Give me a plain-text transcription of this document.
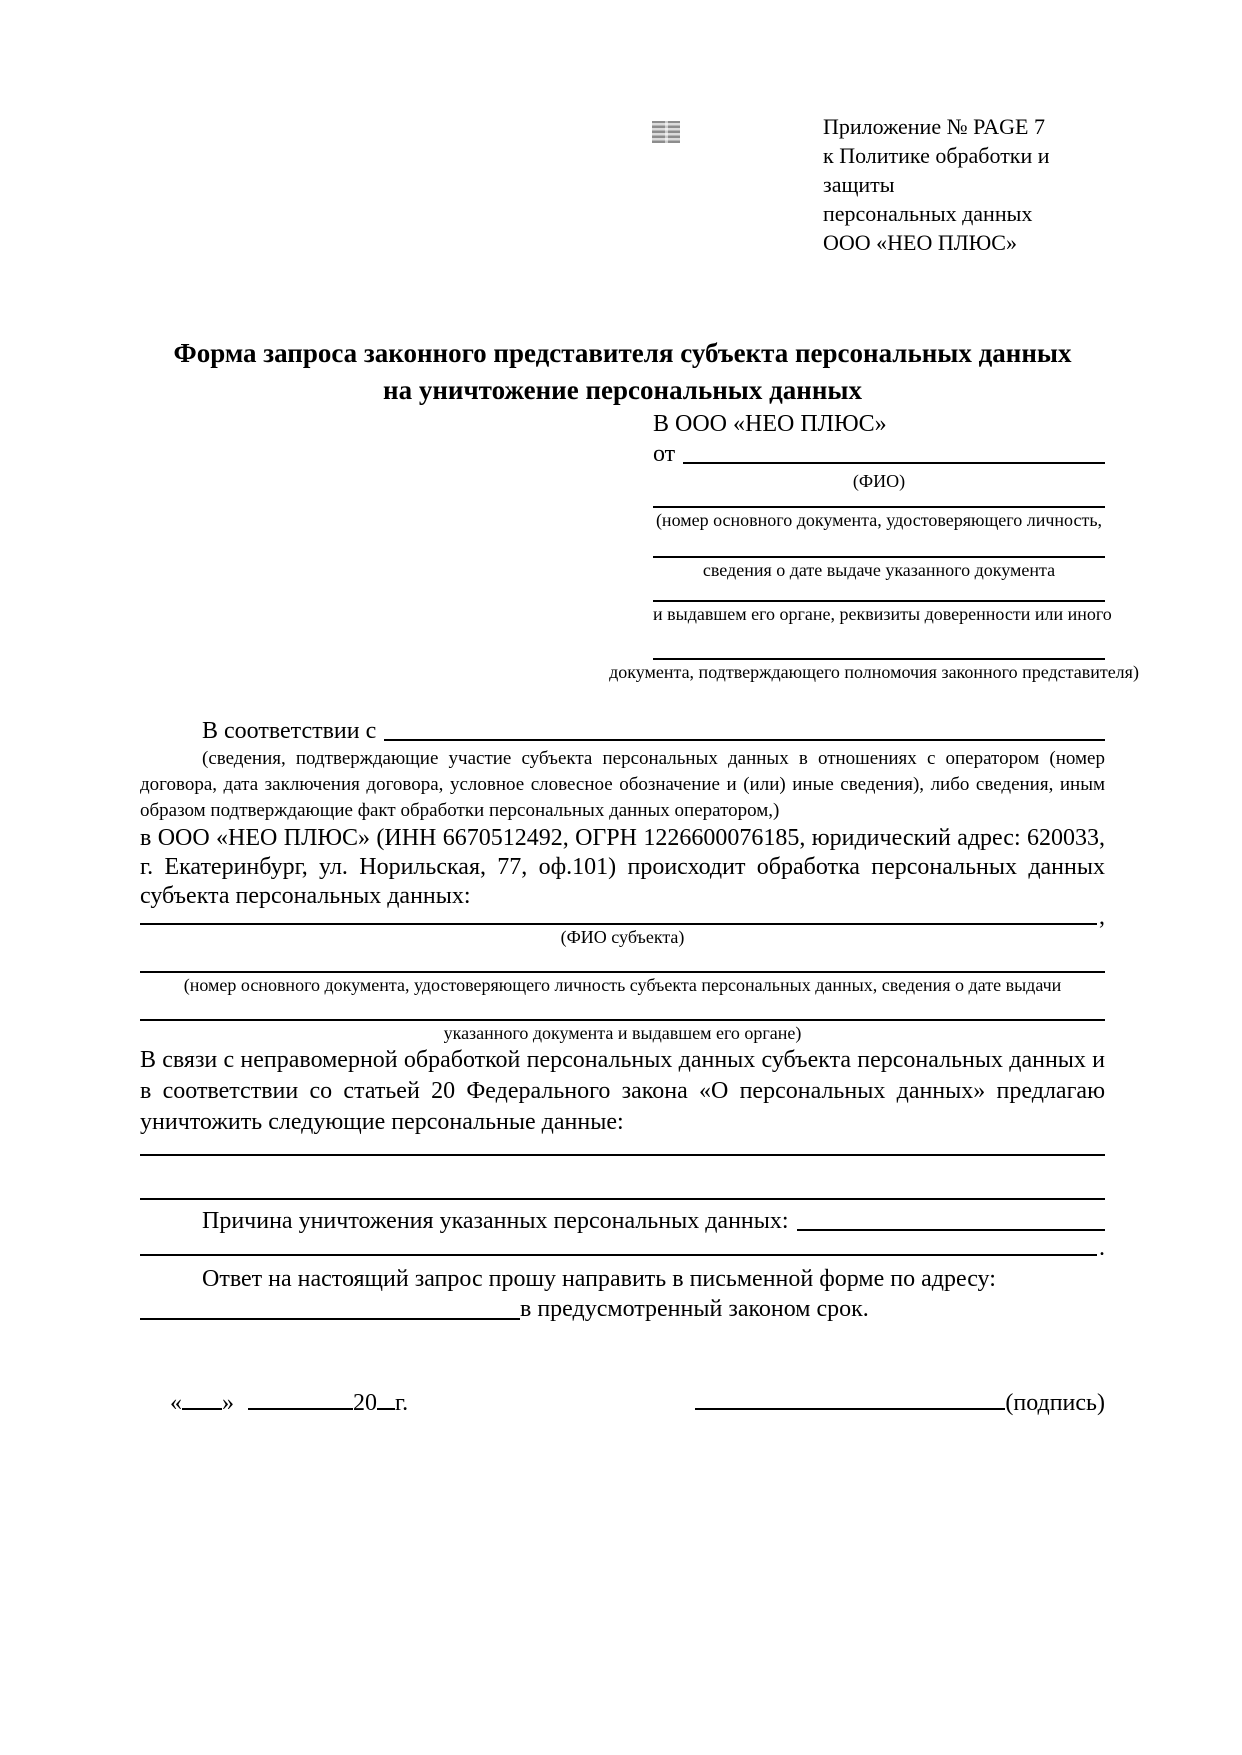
Приложение № PAGE 7
к Политике обработки и защиты
персональных данных
ООО «НЕО ПЛЮС»
Форма запроса законного представителя субъекта персональных данных
на уничтожение персональных данных
В ООО «НЕО ПЛЮС»
от
(ФИО)
(номер основного документа, удостоверяющего личность,
сведения о дате выдаче указанного документа
и выдавшем его органе, реквизиты доверенности или иного
документа, подтверждающего полномочия законного представителя)
В соответствии с

(сведения, подтверждающие участие субъекта персональных данных в отношениях с оператором (номер договора, дата заключения договора, условное словесное обозначение и (или) иные сведения), либо сведения, иным образом подтверждающие факт обработки персональных данных оператором,)

в ООО «НЕО ПЛЮС» (ИНН 6670512492, ОГРН 1226600076185, юридический адрес: 620033, г. Екатеринбург, ул. Норильская, 77, оф.101) происходит обработка персональных данных субъекта персональных данных:

,
(ФИО субъекта)
(номер основного документа, удостоверяющего личность субъекта персональных данных, сведения о дате выдачи
указанного документа и выдавшем его органе)

В связи с неправомерной обработкой персональных данных субъекта персональных данных и в соответствии со статьей 20 Федерального закона «О персональных данных» предлагаю уничтожить следующие персональные данные:

Причина уничтожения указанных персональных данных:
.

Ответ на настоящий запрос прошу направить в письменной форме по адресу:

в предусмотренный законом срок.
« »	20 г.	(подпись)
